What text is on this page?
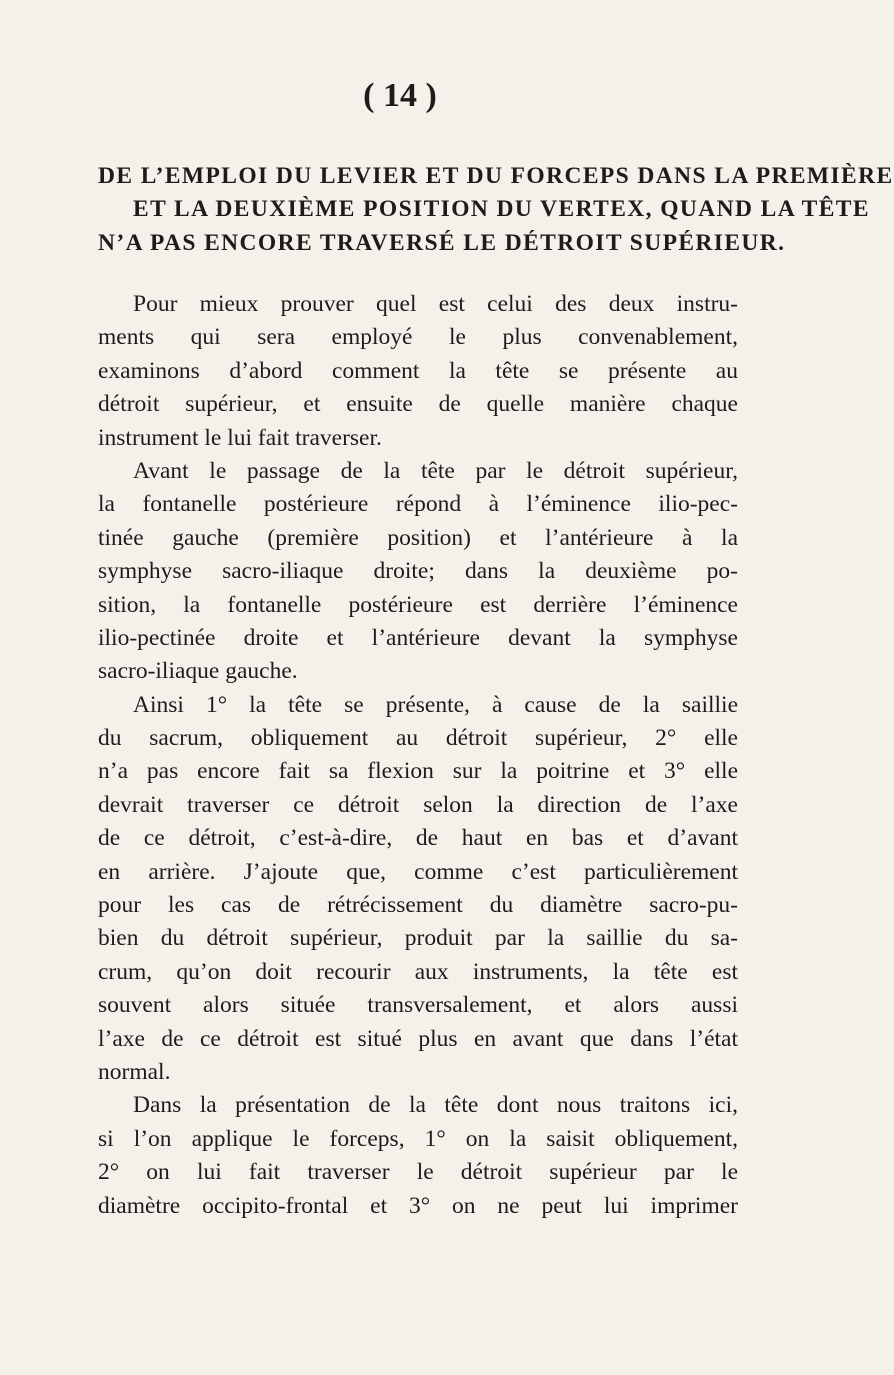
( 14 )
DE L’EMPLOI DU LEVIER ET DU FORCEPS DANS LA PREMIÈRE
ET LA DEUXIÈME POSITION DU VERTEX, QUAND LA TÊTE
N’A PAS ENCORE TRAVERSÉ LE DÉTROIT SUPÉRIEUR.
Pour mieux prouver quel est celui des deux instru-
ments qui sera employé le plus convenablement,
examinons d’abord comment la tête se présente au
détroit supérieur, et ensuite de quelle manière chaque
instrument le lui fait traverser.
Avant le passage de la tête par le détroit supérieur,
la fontanelle postérieure répond à l’éminence ilio-pec-
tinée gauche (première position) et l’antérieure à la
symphyse sacro-iliaque droite; dans la deuxième po-
sition, la fontanelle postérieure est derrière l’éminence
ilio-pectinée droite et l’antérieure devant la symphyse
sacro-iliaque gauche.
Ainsi 1° la tête se présente, à cause de la saillie
du sacrum, obliquement au détroit supérieur, 2° elle
n’a pas encore fait sa flexion sur la poitrine et 3° elle
devrait traverser ce détroit selon la direction de l’axe
de ce détroit, c’est-à-dire, de haut en bas et d’avant
en arrière. J’ajoute que, comme c’est particulièrement
pour les cas de rétrécissement du diamètre sacro-pu-
bien du détroit supérieur, produit par la saillie du sa-
crum, qu’on doit recourir aux instruments, la tête est
souvent alors située transversalement, et alors aussi
l’axe de ce détroit est situé plus en avant que dans l’état
normal.
Dans la présentation de la tête dont nous traitons ici,
si l’on applique le forceps, 1° on la saisit obliquement,
2° on lui fait traverser le détroit supérieur par le
diamètre occipito-frontal et 3° on ne peut lui imprimer
